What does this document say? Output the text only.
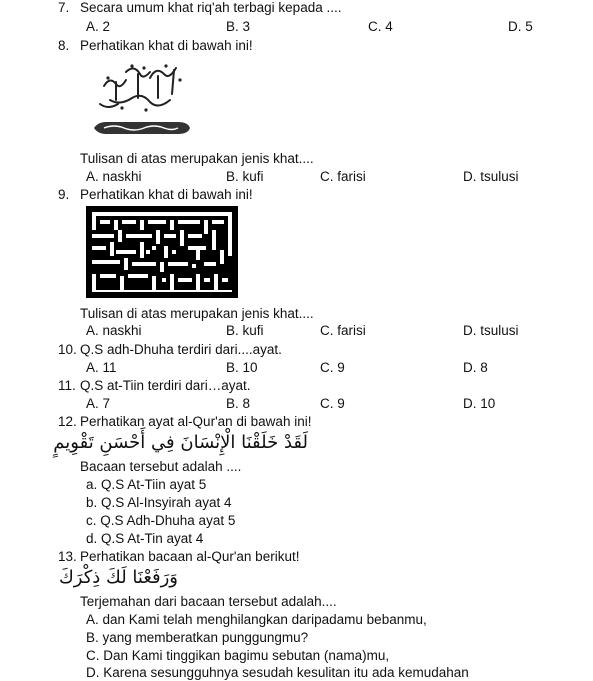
7. Secara umum khat riq'ah terbagi kepada ....
A. 2	B. 3	C. 4	D. 5
8. Perhatikan khat di bawah ini!
Tulisan di atas merupakan jenis khat....
A. naskhi	B. kufi	C. farisi	D. tsulusi
9. Perhatikan khat di bawah ini!
Tulisan di atas merupakan jenis khat....
A. naskhi	B. kufi	C. farisi	D. tsulusi
10. Q.S adh-Dhuha terdiri dari....ayat.
A. 11	B. 10	C. 9	D. 8
11. Q.S at-Tiin terdiri dari…ayat.
A. 7	B. 8	C. 9	D. 10
12. Perhatikan ayat al-Qur'an di bawah ini!
لَقَدْ خَلَقْنَا الْإِنْسَانَ فِي أَحْسَنِ تَقْوِيمٍ
Bacaan tersebut adalah ....
a. Q.S At-Tiin ayat 5
b. Q.S Al-Insyirah ayat 4
c. Q.S Adh-Dhuha ayat 5
d. Q.S At-Tin ayat 4
13. Perhatikan bacaan al-Qur'an berikut!
وَرَفَعْنَا لَكَ ذِكْرَكَ
Terjemahan dari bacaan tersebut adalah....
A. dan Kami telah menghilangkan daripadamu bebanmu,
B. yang memberatkan punggungmu?
C. Dan Kami tinggikan bagimu sebutan (nama)mu,
D. Karena sesungguhnya sesudah kesulitan itu ada kemudahan
